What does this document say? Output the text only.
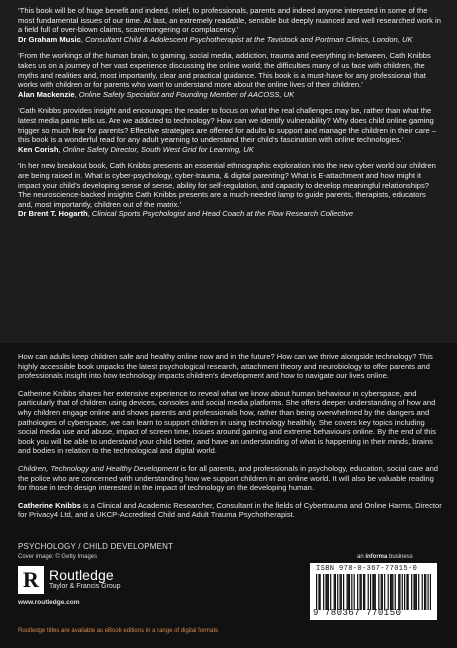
‘This book will be of huge benefit and indeed, relief, to professionals, parents and indeed anyone interested in some of the most fundamental issues of our time. At last, an extremely readable, sensible but deeply nuanced and well researched work in a field full of over-blown claims, scaremongering or complacency.’
Dr Graham Music, Consultant Child & Adolescent Psychotherapist at the Tavistock and Portman Clinics, London, UK

‘From the workings of the human brain, to gaming, social media, addiction, trauma and everything in-between, Cath Knibbs takes us on a journey of her vast experience discussing the online world; the difficulties many of us face with children, the myths and realities and, most importantly, clear and practical guidance. This book is a must-have for any professional that works with children or for parents who want to understand more about the online lives of their children.’
Alan Mackenzie, Online Safety Specialist and Founding Member of AACOSS, UK

‘Cath Knibbs provides insight and encourages the reader to focus on what the real challenges may be, rather than what the latest media panic tells us. Are we addicted to technology? How can we identify vulnerability? Why does child online gaming trigger so much fear for parents? Effective strategies are offered for adults to support and manage the children in their care – this book is a wonderful read for any adult yearning to understand their child’s fascination with online technologies.’
Ken Corish, Online Safety Director, South West Grid for Learning, UK

‘In her new breakout book, Cath Knibbs presents an essential ethnographic exploration into the new cyber world our children are being raised in. What is cyber-psychology, cyber-trauma, & digital parenting? What is E-attachment and how might it impact your child’s developing sense of sense, ability for self-regulation, and capacity to develop meaningful relationships? The neuroscience-backed insights Cath Knibbs presents are a much-needed lamp to guide parents, therapists, educators and, most importantly, children out of the matrix.’
Dr Brent T. Hogarth, Clinical Sports Psychologist and Head Coach at the Flow Research Collective

How can adults keep children safe and healthy online now and in the future? How can we thrive alongside technology? This highly accessible book unpacks the latest psychological research, attachment theory and neurobiology to offer parents and professionals insight into how technology impacts children’s development and how to navigate our lives online.

Catherine Knibbs shares her extensive experience to reveal what we know about human behaviour in cyberspace, and particularly that of children using devices, consoles and social media platforms. She offers deeper understanding of how and why children engage online and shows parents and professionals how, rather than being overwhelmed by the dangers and pathologies of cyberspace, we can learn to support children in using technology healthily. She covers key topics including social media use and abuse, impact of screen time, issues around gaming and extreme behaviours online. By the end of this book you will be able to understand your child better, and have an understanding of what is happening in their minds, brains and bodies in relation to the technological and digital world.

Children, Technology and Healthy Development is for all parents, and professionals in psychology, education, social care and the police who are concerned with understanding how we support children in an online world. It will also be valuable reading for those in tech design interested in the impact of technology on the developing human.

Catherine Knibbs is a Clinical and Academic Researcher, Consultant in the fields of Cybertrauma and Online Harms, Director for Privacy4 Ltd, and a UKCP-Accredited Child and Adult Trauma Psychotherapist.

PSYCHOLOGY / CHILD DEVELOPMENT
Cover image: © Getty Images
R Routledge
Taylor & Francis Group
www.routledge.com
an informa business
ISBN 978-0-367-77015-0
9 780367 770150
Routledge titles are available as eBook editions in a range of digital formats
